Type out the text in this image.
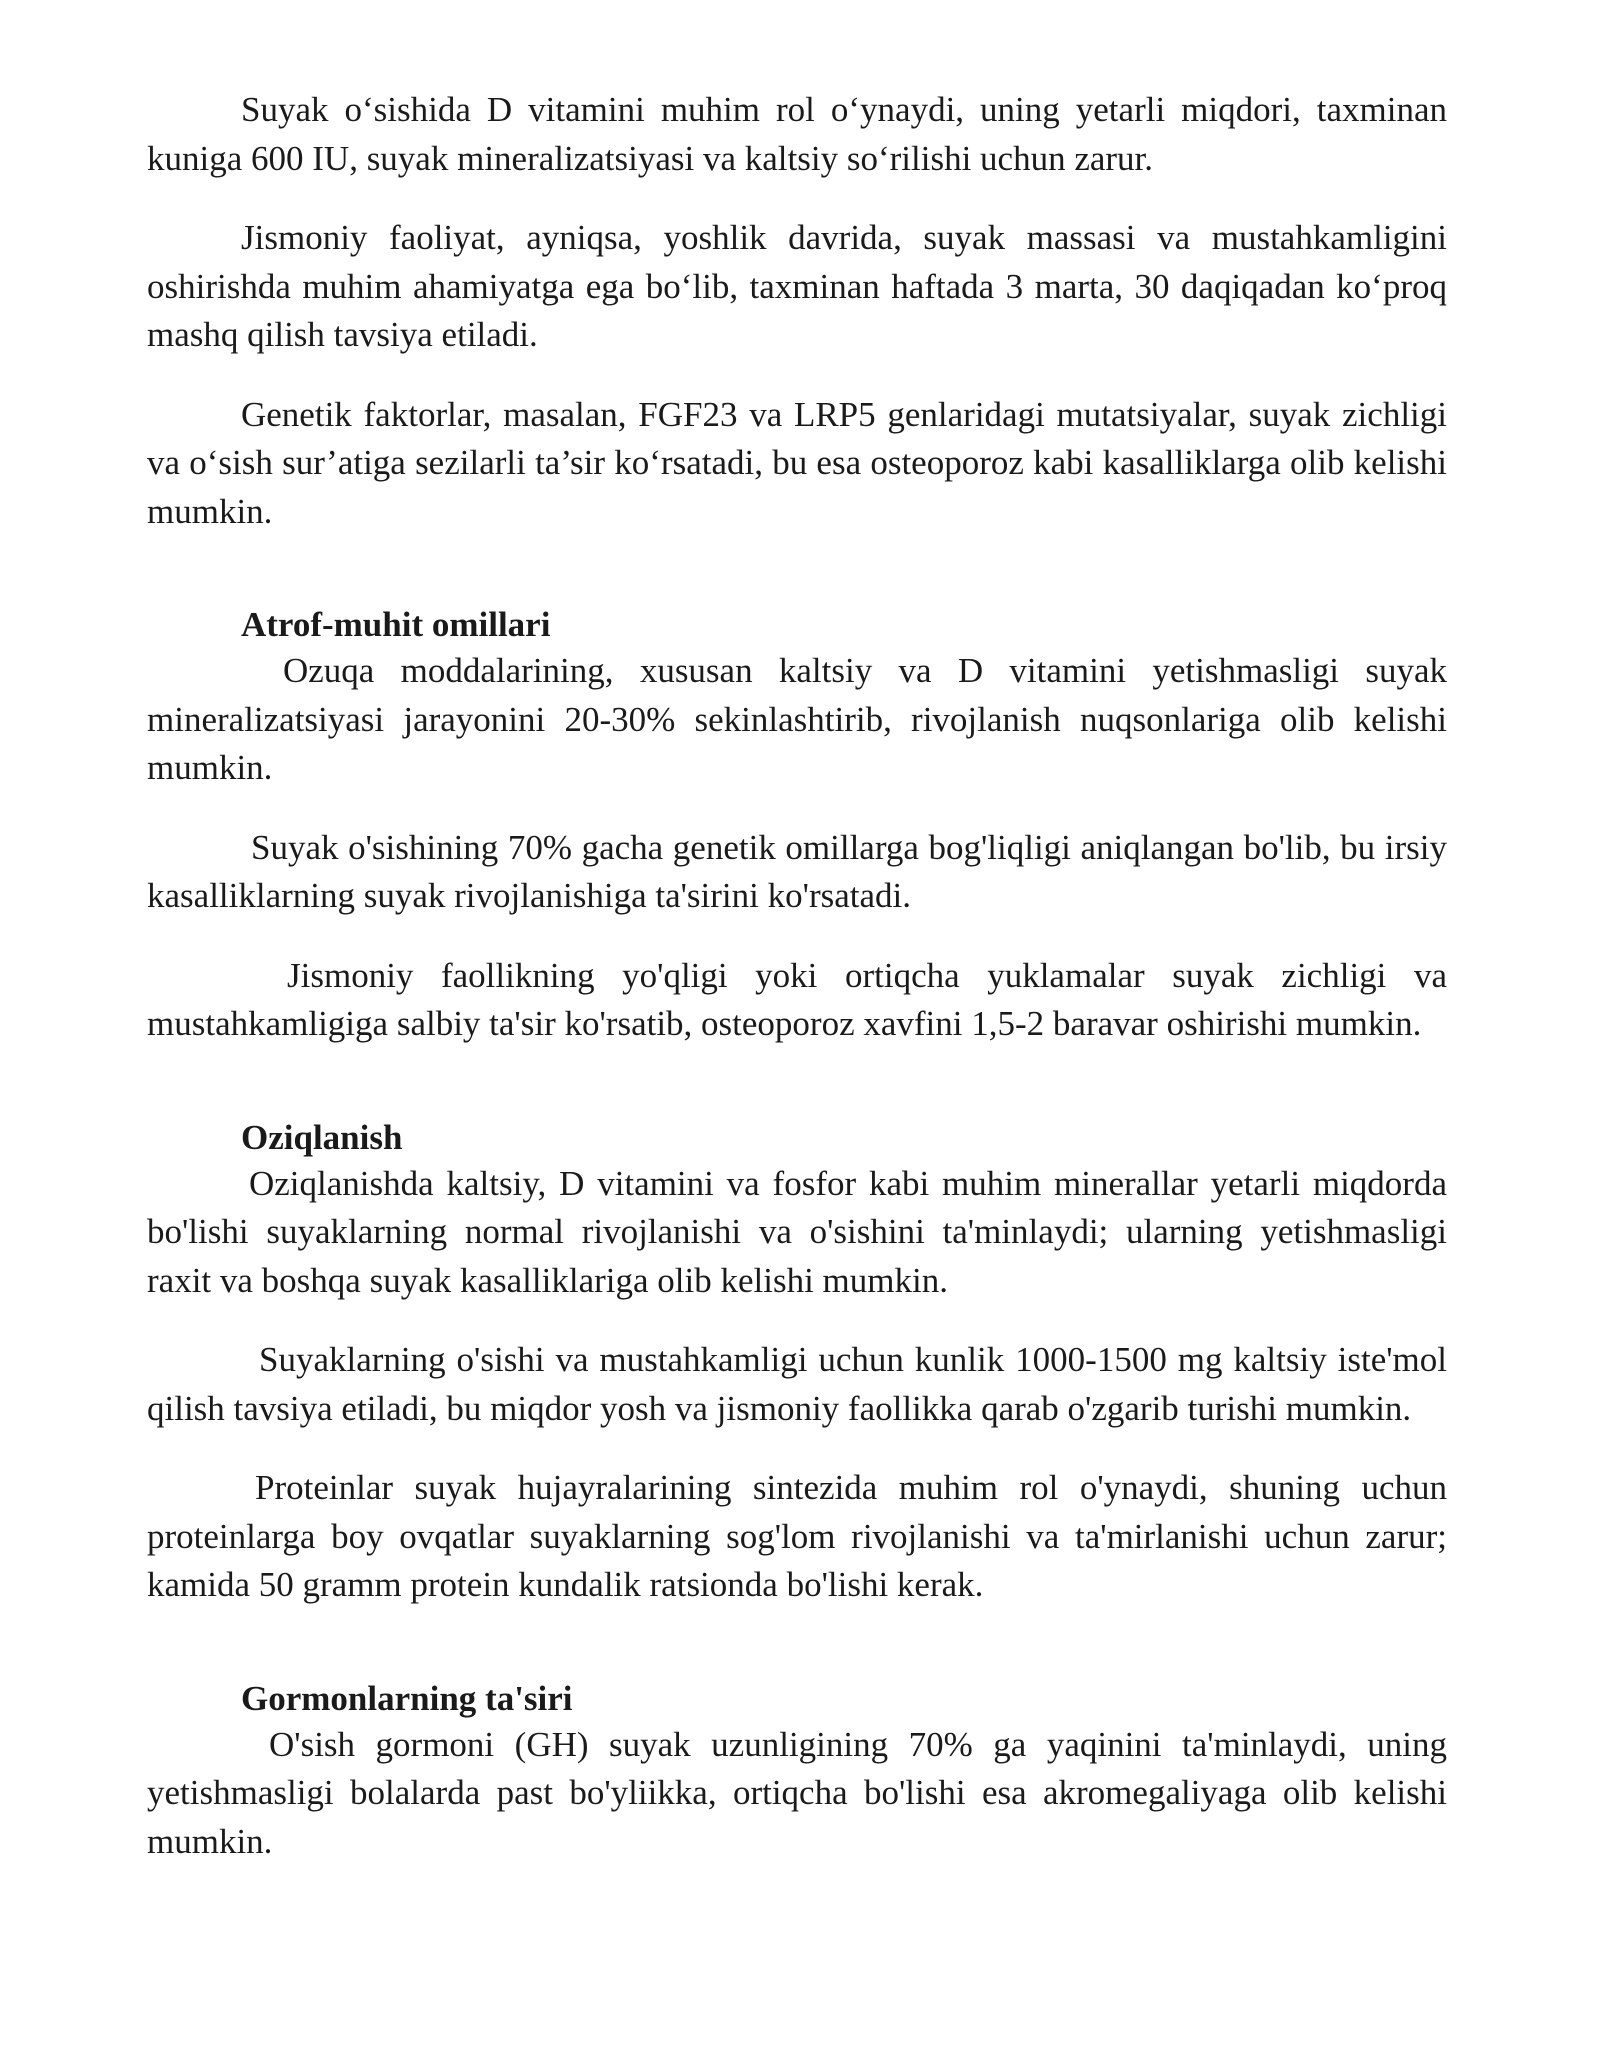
Suyak o‘sishida D vitamini muhim rol o‘ynaydi, uning yetarli miqdori, taxminan kuniga 600 IU, suyak mineralizatsiyasi va kaltsiy so‘rilishi uchun zarur.

Jismoniy faoliyat, ayniqsa, yoshlik davrida, suyak massasi va mustahkamligini oshirishda muhim ahamiyatga ega bo‘lib, taxminan haftada 3 marta, 30 daqiqadan ko‘proq mashq qilish tavsiya etiladi.

Genetik faktorlar, masalan, FGF23 va LRP5 genlaridagi mutatsiyalar, suyak zichligi va o‘sish sur’atiga sezilarli ta’sir ko‘rsatadi, bu esa osteoporoz kabi kasalliklarga olib kelishi mumkin.

Atrof-muhit omillari

Ozuqa moddalarining, xususan kaltsiy va D vitamini yetishmasligi suyak mineralizatsiyasi jarayonini 20-30% sekinlashtirib, rivojlanish nuqsonlariga olib kelishi mumkin.

Suyak o'sishining 70% gacha genetik omillarga bog'liqligi aniqlangan bo'lib, bu irsiy kasalliklarning suyak rivojlanishiga ta'sirini ko'rsatadi.

Jismoniy faollikning yo'qligi yoki ortiqcha yuklamalar suyak zichligi va mustahkamligiga salbiy ta'sir ko'rsatib, osteoporoz xavfini 1,5-2 baravar oshirishi mumkin.

Oziqlanish

Oziqlanishda kaltsiy, D vitamini va fosfor kabi muhim minerallar yetarli miqdorda bo'lishi suyaklarning normal rivojlanishi va o'sishini ta'minlaydi; ularning yetishmasligi raxit va boshqa suyak kasalliklariga olib kelishi mumkin.

Suyaklarning o'sishi va mustahkamligi uchun kunlik 1000-1500 mg kaltsiy iste'mol qilish tavsiya etiladi, bu miqdor yosh va jismoniy faollikka qarab o'zgarib turishi mumkin.

Proteinlar suyak hujayralarining sintezida muhim rol o'ynaydi, shuning uchun proteinlarga boy ovqatlar suyaklarning sog'lom rivojlanishi va ta'mirlanishi uchun zarur; kamida 50 gramm protein kundalik ratsionda bo'lishi kerak.

Gormonlarning ta'siri

O'sish gormoni (GH) suyak uzunligining 70% ga yaqinini ta'minlaydi, uning yetishmasligi bolalarda past bo'yliikka, ortiqcha bo'lishi esa akromegaliyaga olib kelishi mumkin.
